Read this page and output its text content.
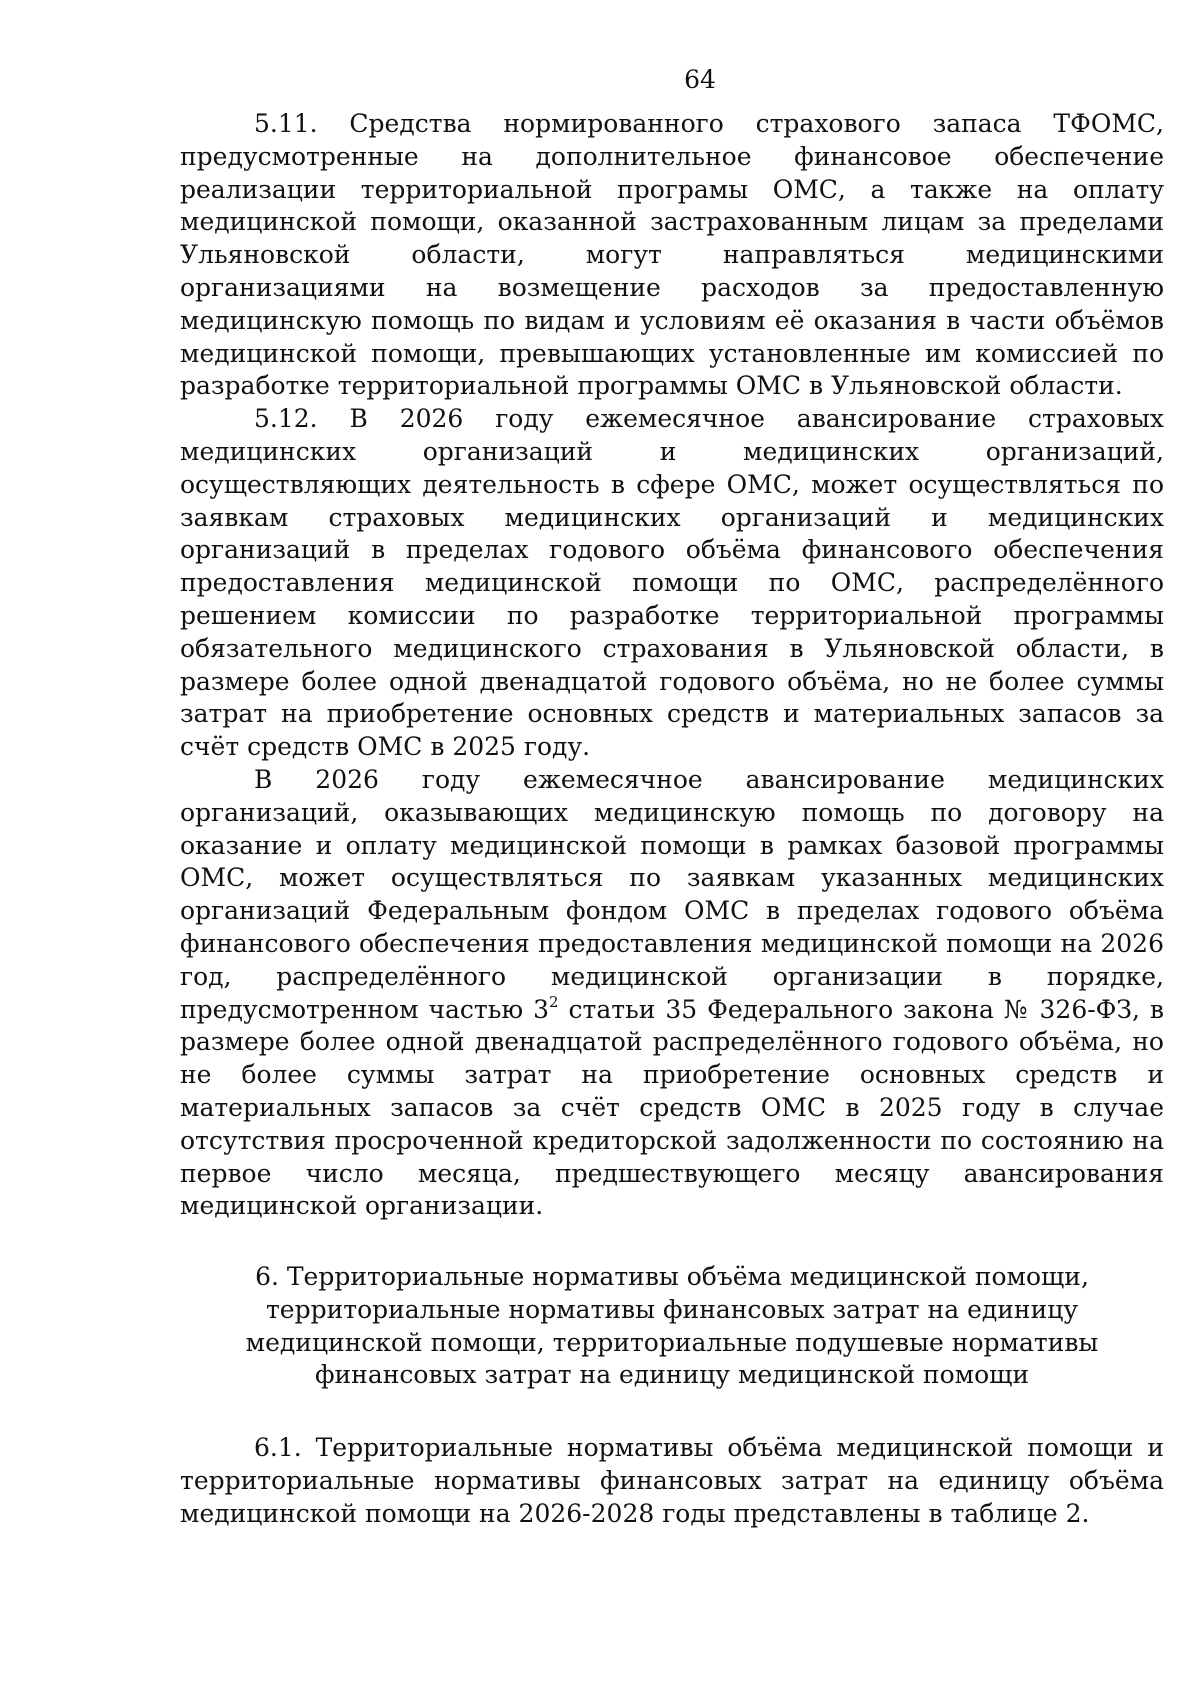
64

5.11. Средства нормированного страхового запаса ТФОМС, предусмотренные на дополнительное финансовое обеспечение реализации территориальной програмы ОМС, а также на оплату медицинской помощи, оказанной застрахованным лицам за пределами Ульяновской области, могут направляться медицинскими организациями на возмещение расходов за предоставленную медицинскую помощь по видам и условиям её оказания в части объёмов медицинской помощи, превышающих установленные им комиссией по разработке территориальной программы ОМС в Ульяновской области.

5.12. В 2026 году ежемесячное авансирование страховых медицинских организаций и медицинских организаций, осуществляющих деятельность в сфере ОМС, может осуществляться по заявкам страховых медицинских организаций и медицинских организаций в пределах годового объёма финансового обеспечения предоставления медицинской помощи по ОМС, распределённого решением комиссии по разработке территориальной программы обязательного медицинского страхования в Ульяновской области, в размере более одной двенадцатой годового объёма, но не более суммы затрат на приобретение основных средств и материальных запасов за счёт средств ОМС в 2025 году.

В 2026 году ежемесячное авансирование медицинских организаций, оказывающих медицинскую помощь по договору на оказание и оплату медицинской помощи в рамках базовой программы ОМС, может осуществляться по заявкам указанных медицинских организаций Федеральным фондом ОМС в пределах годового объёма финансового обеспечения предоставления медицинской помощи на 2026 год, распределённого медицинской организации в порядке, предусмотренном частью $3^2$ статьи 35 Федерального закона № 326-ФЗ, в размере более одной двенадцатой распределённого годового объёма, но не более суммы затрат на приобретение основных средств и материальных запасов за счёт средств ОМС в 2025 году в случае отсутствия просроченной кредиторской задолженности по состоянию на первое число месяца, предшествующего месяцу авансирования медицинской организации.

6. Территориальные нормативы объёма медицинской помощи,
территориальные нормативы финансовых затрат на единицу
медицинской помощи, территориальные подушевые нормативы
финансовых затрат на единицу медицинской помощи

6.1. Территориальные нормативы объёма медицинской помощи и территориальные нормативы финансовых затрат на единицу объёма медицинской помощи на 2026-2028 годы представлены в таблице 2.
